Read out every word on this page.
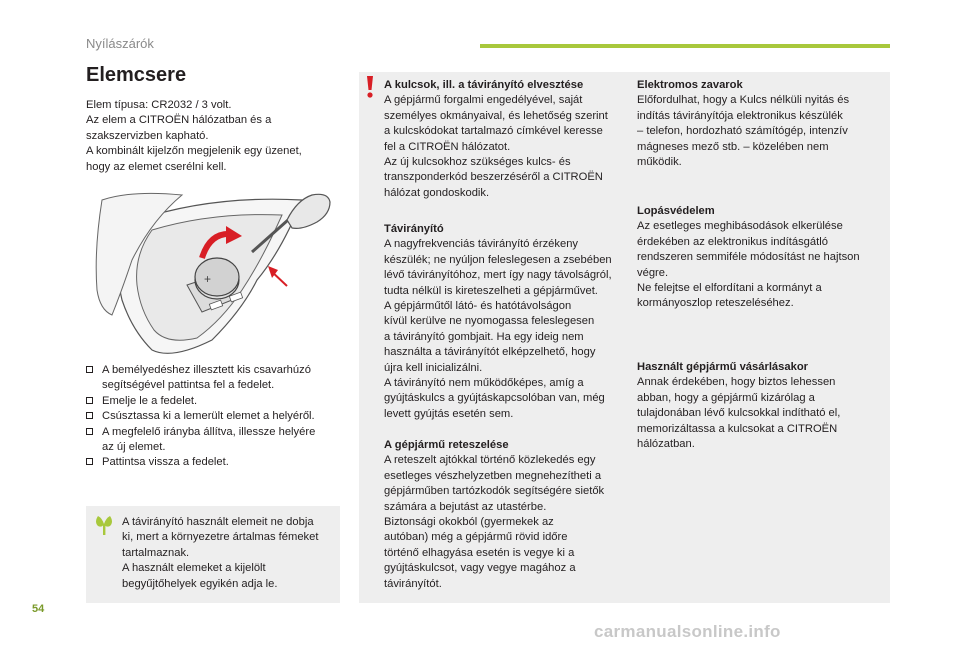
Nyílászárók
Elemcsere
Elem típusa: CR2032 / 3 volt.
Az elem a CITROËN hálózatban és a
szakszervizben kapható.
A kombinált kijelzőn megjelenik egy üzenet,
hogy az elemet cserélni kell.
+
A bemélyedéshez illesztett kis csavarhúzó
segítségével pattintsa fel a fedelet.
Emelje le a fedelet.
Csúsztassa ki a lemerült elemet a helyéről.
A megfelelő irányba állítva, illessze helyére
az új elemet.
Pattintsa vissza a fedelet.
A távirányító használt elemeit ne dobja
ki, mert a környezetre ártalmas fémeket
tartalmaznak.
A használt elemeket a kijelölt
begyűjtőhelyek egyikén adja le.
A kulcsok, ill. a távirányító elvesztése
A gépjármű forgalmi engedélyével, saját
személyes okmányaival, és lehetőség szerint
a kulcskódokat tartalmazó címkével keresse
fel a CITROËN hálózatot.
Az új kulcsokhoz szükséges kulcs- és
transzponderkód beszerzéséről a CITROËN
hálózat gondoskodik.
Távirányító
A nagyfrekvenciás távirányító érzékeny
készülék; ne nyúljon feleslegesen a zsebében
lévő távirányítóhoz, mert így nagy távolságról,
tudta nélkül is kireteszelheti a gépjárművet.
A gépjárműtől látó- és hatótávolságon
kívül kerülve ne nyomogassa feleslegesen
a távirányító gombjait. Ha egy ideig nem
használta a távirányítót elképzelhető, hogy
újra kell inicializálni.
A távirányító nem működőképes, amíg a
gyújtáskulcs a gyújtáskapcsolóban van, még
levett gyújtás esetén sem.
A gépjármű reteszelése
A reteszelt ajtókkal történő közlekedés egy
esetleges vészhelyzetben megnehezítheti a
gépjárműben tartózkodók segítségére sietők
számára a bejutást az utastérbe.
Biztonsági okokból (gyermekek az
autóban) még a gépjármű rövid időre
történő elhagyása esetén is vegye ki a
gyújtáskulcsot, vagy vegye magához a
távirányítót.
Elektromos zavarok
Előfordulhat, hogy a Kulcs nélküli nyitás és
indítás távirányítója elektronikus készülék
– telefon, hordozható számítógép, intenzív
mágneses mező stb. – közelében nem
működik.
Lopásvédelem
Az esetleges meghibásodások elkerülése
érdekében az elektronikus indításgátló
rendszeren semmiféle módosítást ne hajtson
végre.
Ne felejtse el elfordítani a kormányt a
kormányoszlop reteszeléséhez.
Használt gépjármű vásárlásakor
Annak érdekében, hogy biztos lehessen
abban, hogy a gépjármű kizárólag a
tulajdonában lévő kulcsokkal indítható el,
memorizáltassa a kulcsokat a CITROËN
hálózatban.
54
carmanualsonline.info
